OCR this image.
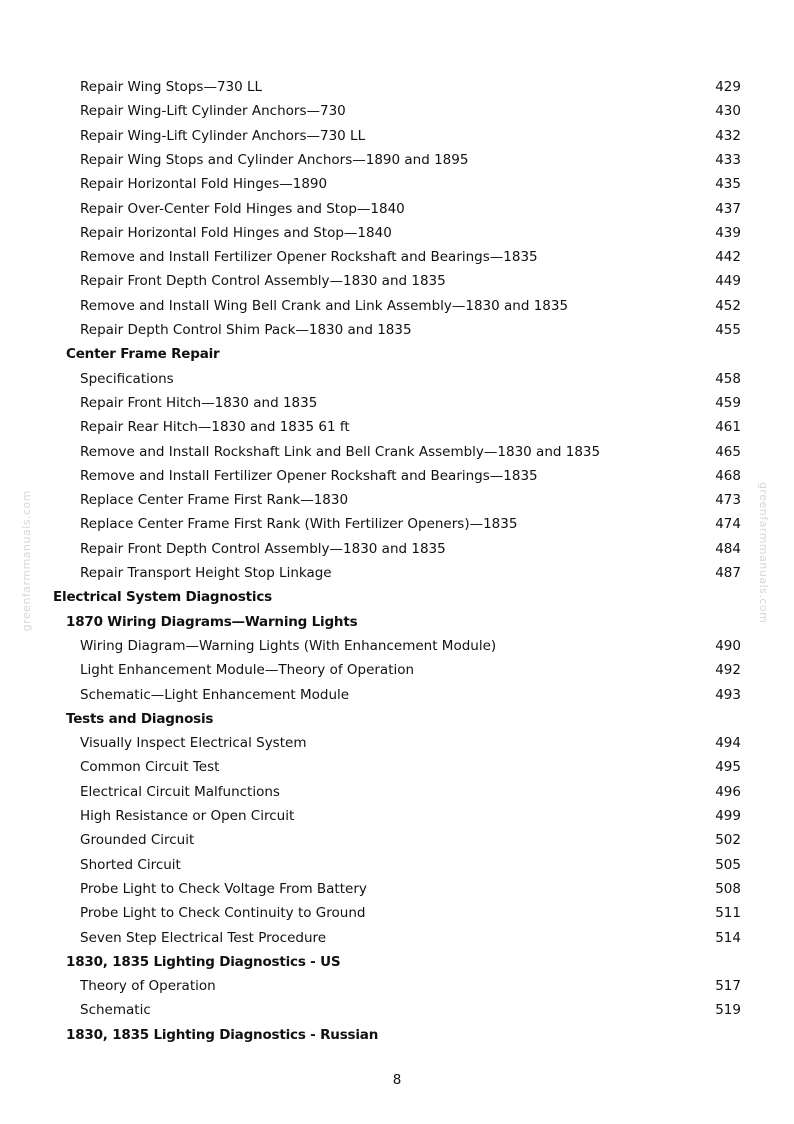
greenfarmmanuals.com	greenfarmmanuals.com
Repair Wing Stops—730 LL	429
Repair Wing-Lift Cylinder Anchors—730	430
Repair Wing-Lift Cylinder Anchors—730 LL	432
Repair Wing Stops and Cylinder Anchors—1890 and 1895	433
Repair Horizontal Fold Hinges—1890	435
Repair Over-Center Fold Hinges and Stop—1840	437
Repair Horizontal Fold Hinges and Stop—1840	439
Remove and Install Fertilizer Opener Rockshaft and Bearings—1835	442
Repair Front Depth Control Assembly—1830 and 1835	449
Remove and Install Wing Bell Crank and Link Assembly—1830 and 1835	452
Repair Depth Control Shim Pack—1830 and 1835	455
Center Frame Repair
Specifications	458
Repair Front Hitch—1830 and 1835	459
Repair Rear Hitch—1830 and 1835 61 ft	461
Remove and Install Rockshaft Link and Bell Crank Assembly—1830 and 1835	465
Remove and Install Fertilizer Opener Rockshaft and Bearings—1835	468
Replace Center Frame First Rank—1830	473
Replace Center Frame First Rank (With Fertilizer Openers)—1835	474
Repair Front Depth Control Assembly—1830 and 1835	484
Repair Transport Height Stop Linkage	487
Electrical System Diagnostics
1870 Wiring Diagrams—Warning Lights
Wiring Diagram—Warning Lights (With Enhancement Module)	490
Light Enhancement Module—Theory of Operation	492
Schematic—Light Enhancement Module	493
Tests and Diagnosis
Visually Inspect Electrical System	494
Common Circuit Test	495
Electrical Circuit Malfunctions	496
High Resistance or Open Circuit	499
Grounded Circuit	502
Shorted Circuit	505
Probe Light to Check Voltage From Battery	508
Probe Light to Check Continuity to Ground	511
Seven Step Electrical Test Procedure	514
1830, 1835 Lighting Diagnostics - US
Theory of Operation	517
Schematic	519
1830, 1835 Lighting Diagnostics - Russian
8
